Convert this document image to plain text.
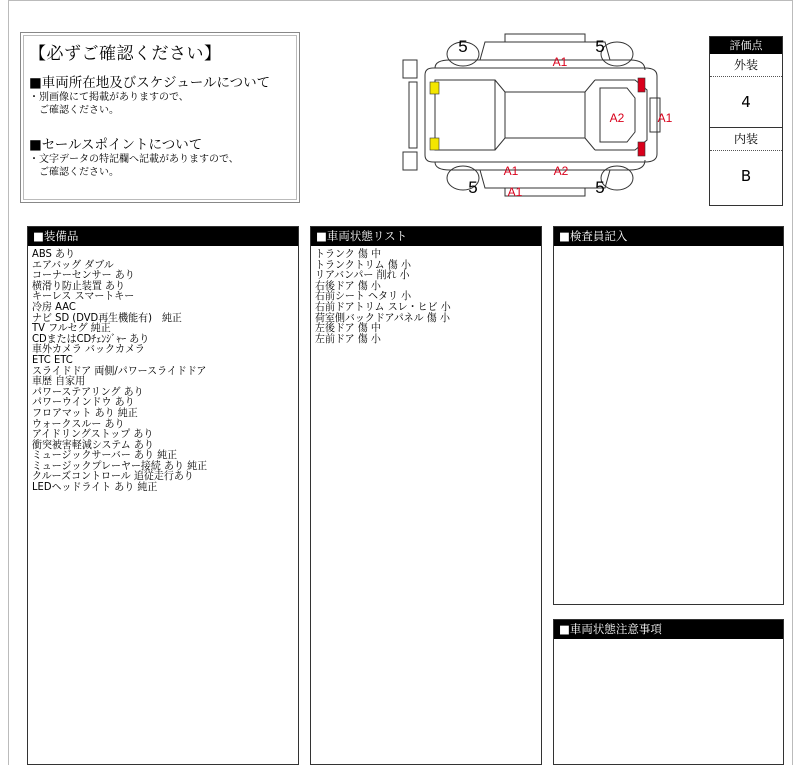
【必ずご確認ください】
■車両所在地及びスケジュールについて
・別画像にて掲載がありますので、
　ご確認ください。
■セールスポイントについて
・文字データの特記欄へ記載がありますので、
　ご確認ください。
5	5
5	5
A1
A2	A1
A1	A2
A1
評価点
外装
4
内装
B
■装備品
ABS あり
エアバッグ ダブル
コーナーセンサー あり
横滑り防止装置 あり
キーレス スマートキー
冷房 AAC
ナビ SD (DVD再生機能有)　純正
TV フルセグ 純正
CDまたはCDﾁｪﾝｼﾞｬｰ あり
車外カメラ バックカメラ
ETC ETC
スライドドア 両側/パワースライドドア
車歴 自家用
パワーステアリング あり
パワーウインドウ あり
フロアマット あり 純正
ウォークスルー あり
アイドリングストップ あり
衝突被害軽減システム あり
ミュージックサーバー あり 純正
ミュージックプレーヤー接続 あり 純正
クルーズコントロール 追従走行あり
LEDヘッドライト あり 純正
■車両状態リスト
トランク 傷 中
トランクトリム 傷 小
リアバンパー 削れ 小
右後ドア 傷 小
右前シート ヘタリ 小
右前ドアトリム スレ・ヒビ 小
荷室側バックドアパネル 傷 小
左後ドア 傷 中
左前ドア 傷 小
■検査員記入
■車両状態注意事項
